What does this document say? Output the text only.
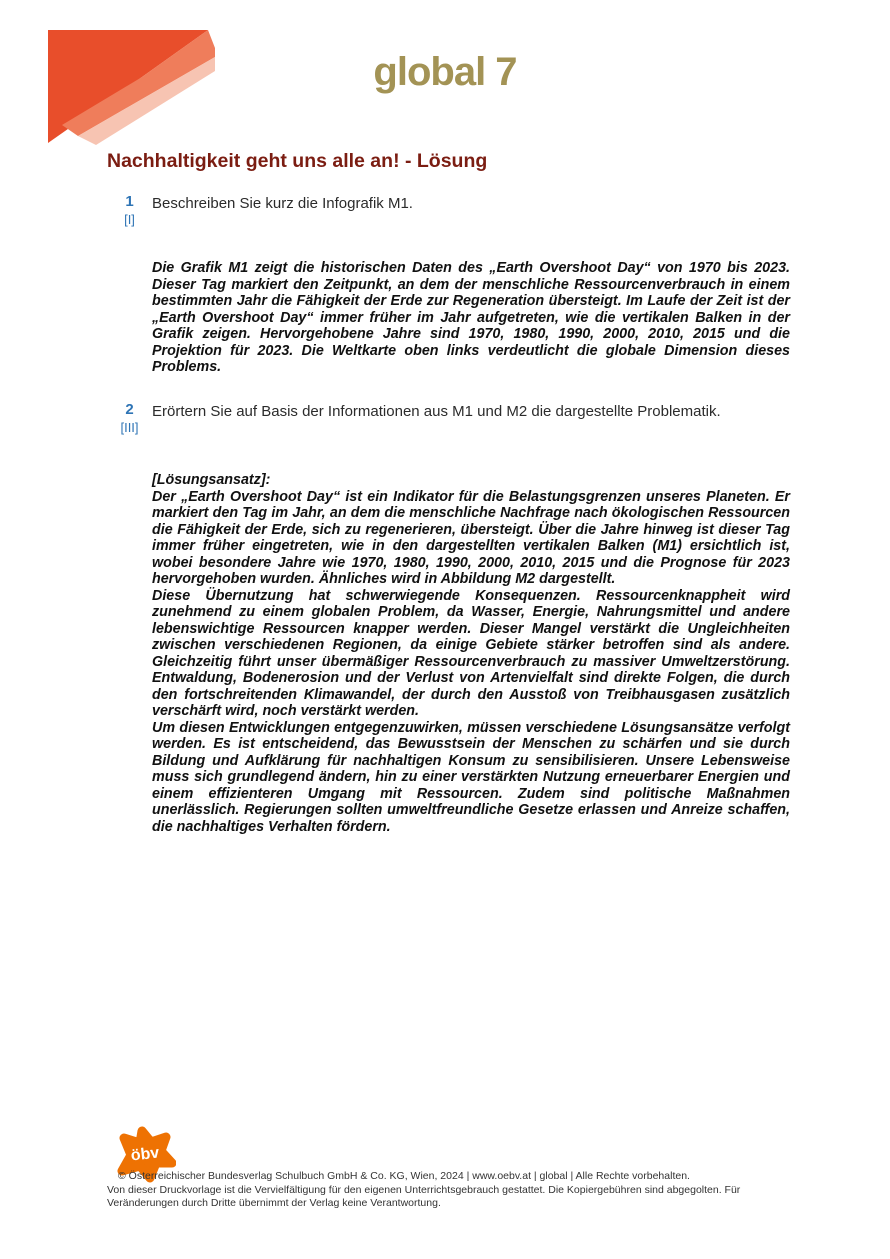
global 7
Nachhaltigkeit geht uns alle an! - Lösung
1
[I]
Beschreiben Sie kurz die Infografik M1.

Die Grafik M1 zeigt die historischen Daten des „Earth Overshoot Day“ von 1970 bis 2023. Dieser Tag markiert den Zeitpunkt, an dem der menschliche Ressourcenverbrauch in einem bestimmten Jahr die Fähigkeit der Erde zur Regeneration übersteigt. Im Laufe der Zeit ist der „Earth Overshoot Day“ immer früher im Jahr aufgetreten, wie die vertikalen Balken in der Grafik zeigen. Hervorgehobene Jahre sind 1970, 1980, 1990, 2000, 2010, 2015 und die Projektion für 2023. Die Weltkarte oben links verdeutlicht die globale Dimension dieses Problems.

2
[III]
Erörtern Sie auf Basis der Informationen aus M1 und M2 die dargestellte Problematik.

[Lösungsansatz]:

Der „Earth Overshoot Day“ ist ein Indikator für die Belastungsgrenzen unseres Planeten. Er markiert den Tag im Jahr, an dem die menschliche Nachfrage nach ökologischen Ressourcen die Fähigkeit der Erde, sich zu regenerieren, übersteigt. Über die Jahre hinweg ist dieser Tag immer früher eingetreten, wie in den dargestellten vertikalen Balken (M1) ersichtlich ist, wobei besondere Jahre wie 1970, 1980, 1990, 2000, 2010, 2015 und die Prognose für 2023 hervorgehoben wurden. Ähnliches wird in Abbildung M2 dargestellt.

Diese Übernutzung hat schwerwiegende Konsequenzen. Ressourcenknappheit wird zunehmend zu einem globalen Problem, da Wasser, Energie, Nahrungsmittel und andere lebenswichtige Ressourcen knapper werden. Dieser Mangel verstärkt die Ungleichheiten zwischen verschiedenen Regionen, da einige Gebiete stärker betroffen sind als andere. Gleichzeitig führt unser übermäßiger Ressourcenverbrauch zu massiver Umweltzerstörung. Entwaldung, Bodenerosion und der Verlust von Artenvielfalt sind direkte Folgen, die durch den fortschreitenden Klimawandel, der durch den Ausstoß von Treibhausgasen zusätzlich verschärft wird, noch verstärkt werden.

Um diesen Entwicklungen entgegenzuwirken, müssen verschiedene Lösungsansätze verfolgt werden. Es ist entscheidend, das Bewusstsein der Menschen zu schärfen und sie durch Bildung und Aufklärung für nachhaltigen Konsum zu sensibilisieren. Unsere Lebensweise muss sich grundlegend ändern, hin zu einer verstärkten Nutzung erneuerbarer Energien und einem effizienteren Umgang mit Ressourcen. Zudem sind politische Maßnahmen unerlässlich. Regierungen sollten umweltfreundliche Gesetze erlassen und Anreize schaffen, die nachhaltiges Verhalten fördern.

öbv
© Österreichischer Bundesverlag Schulbuch GmbH & Co. KG, Wien, 2024 | www.oebv.at | global | Alle Rechte vorbehalten.
Von dieser Druckvorlage ist die Vervielfältigung für den eigenen Unterrichtsgebrauch gestattet. Die Kopiergebühren sind abgegolten. Für Veränderungen durch Dritte übernimmt der Verlag keine Verantwortung.
